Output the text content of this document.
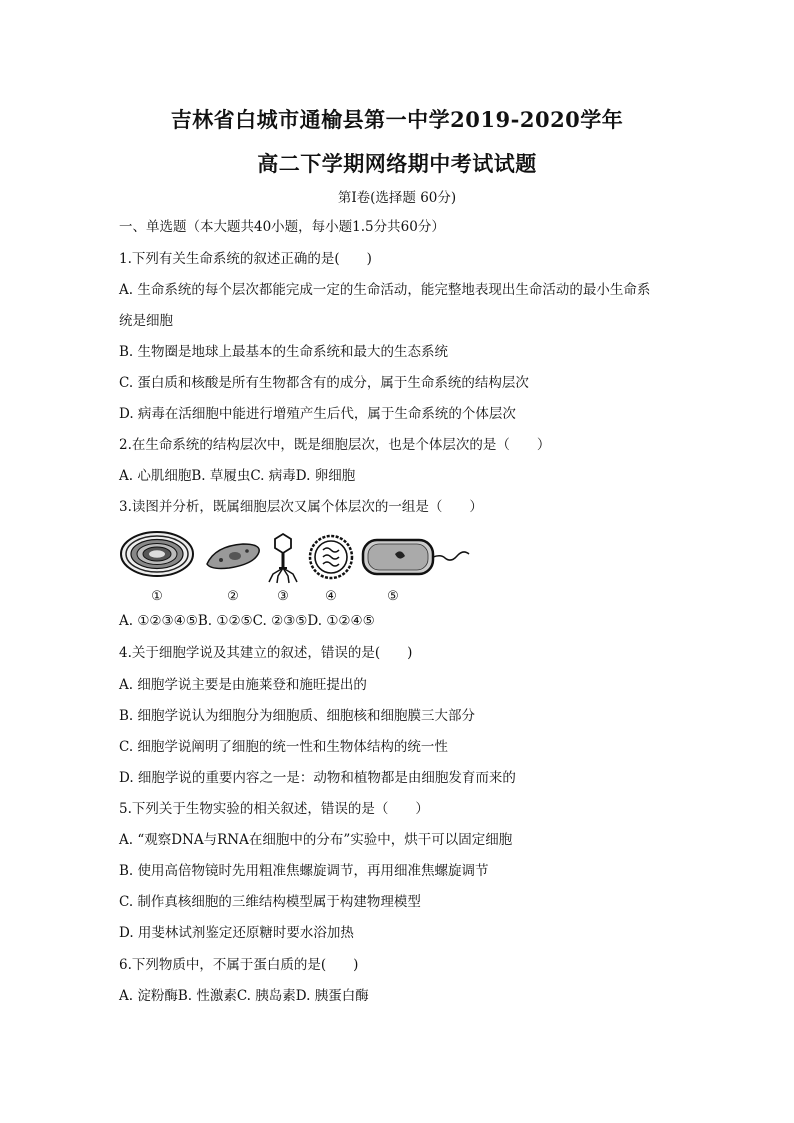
吉林省白城市通榆县第一中学2019-2020学年
高二下学期网络期中考试试题
第I卷(选择题 60分)
一、单选题（本大题共40小题，每小题1.5分共60分）
1.下列有关生命系统的叙述正确的是(　　)
A. 生命系统的每个层次都能完成一定的生命活动，能完整地表现出生命活动的最小生命系
统是细胞
B. 生物圈是地球上最基本的生命系统和最大的生态系统
C. 蛋白质和核酸是所有生物都含有的成分，属于生命系统的结构层次
D. 病毒在活细胞中能进行增殖产生后代，属于生命系统的个体层次
2.在生命系统的结构层次中，既是细胞层次，也是个体层次的是（　　）
A. 心肌细胞B. 草履虫C. 病毒D. 卵细胞
3.读图并分析，既属细胞层次又属个体层次的一组是（　　）
①	②	③	④	⑤
A. ①②③④⑤B. ①②⑤C. ②③⑤D. ①②④⑤
4.关于细胞学说及其建立的叙述，错误的是(　　)
A. 细胞学说主要是由施莱登和施旺提出的
B. 细胞学说认为细胞分为细胞质、细胞核和细胞膜三大部分
C. 细胞学说阐明了细胞的统一性和生物体结构的统一性
D. 细胞学说的重要内容之一是：动物和植物都是由细胞发育而来的
5.下列关于生物实验的相关叙述，错误的是（　　）
A. “观察DNA与RNA在细胞中的分布”实验中，烘干可以固定细胞
B. 使用高倍物镜时先用粗准焦螺旋调节，再用细准焦螺旋调节
C. 制作真核细胞的三维结构模型属于构建物理模型
D. 用斐林试剂鉴定还原糖时要水浴加热
6.下列物质中，不属于蛋白质的是(　　)
A. 淀粉酶B. 性激素C. 胰岛素D. 胰蛋白酶
